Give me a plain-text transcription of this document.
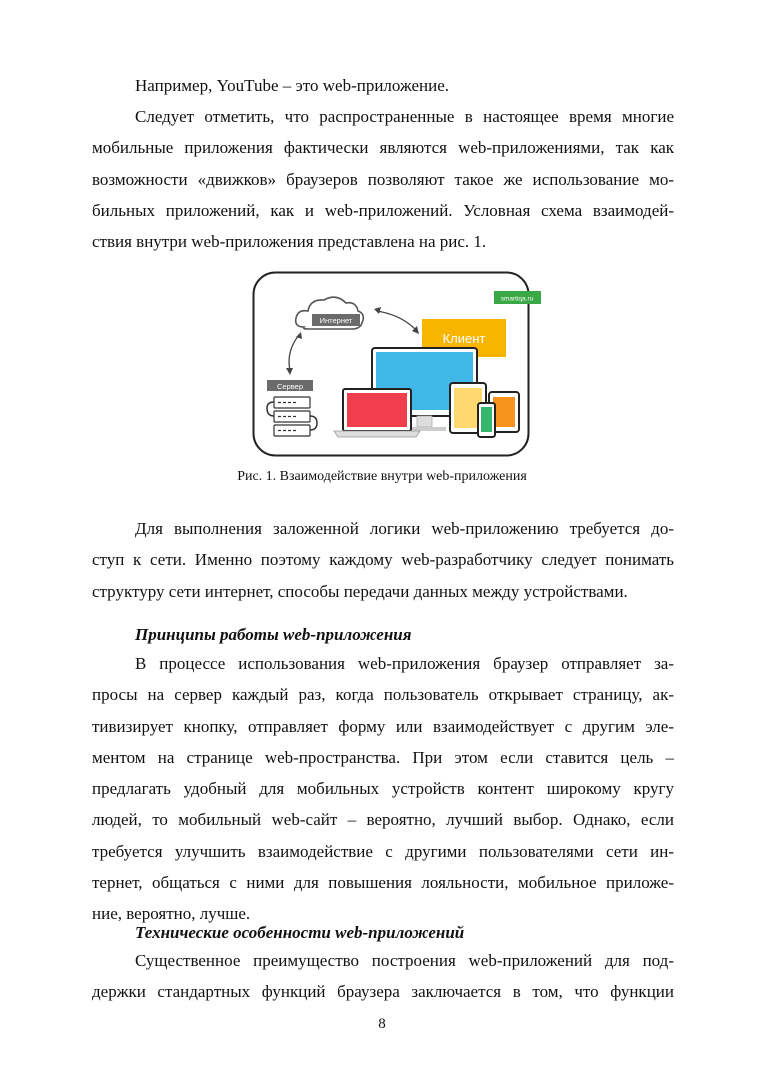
Например, YouTube – это web-приложение.
Следует отметить, что распространенные в настоящее время многие
мобильные приложения фактически являются web-приложениями, так как
возможности «движков» браузеров позволяют такое же использование мо-
бильных приложений, как и web-приложений. Условная схема взаимодей-
ствия внутри web-приложения представлена на рис. 1.
smartiqa.ru
Интернет
Клиент
Сервер
Рис. 1. Взаимодействие внутри web-приложения
Для выполнения заложенной логики web-приложению требуется до-
ступ к сети. Именно поэтому каждому web-разработчику следует понимать
структуру сети интернет, способы передачи данных между устройствами.
Принципы работы web-приложения
В процессе использования web-приложения браузер отправляет за-
просы на сервер каждый раз, когда пользователь открывает страницу, ак-
тивизирует кнопку, отправляет форму или взаимодействует с другим эле-
ментом на странице web-пространства. При этом если ставится цель –
предлагать удобный для мобильных устройств контент широкому кругу
людей, то мобильный web-сайт – вероятно, лучший выбор. Однако, если
требуется улучшить взаимодействие с другими пользователями сети ин-
тернет, общаться с ними для повышения лояльности, мобильное приложе-
ние, вероятно, лучше.
Технические особенности web-приложений
Существенное преимущество построения web-приложений для под-
держки стандартных функций браузера заключается в том, что функции
8
